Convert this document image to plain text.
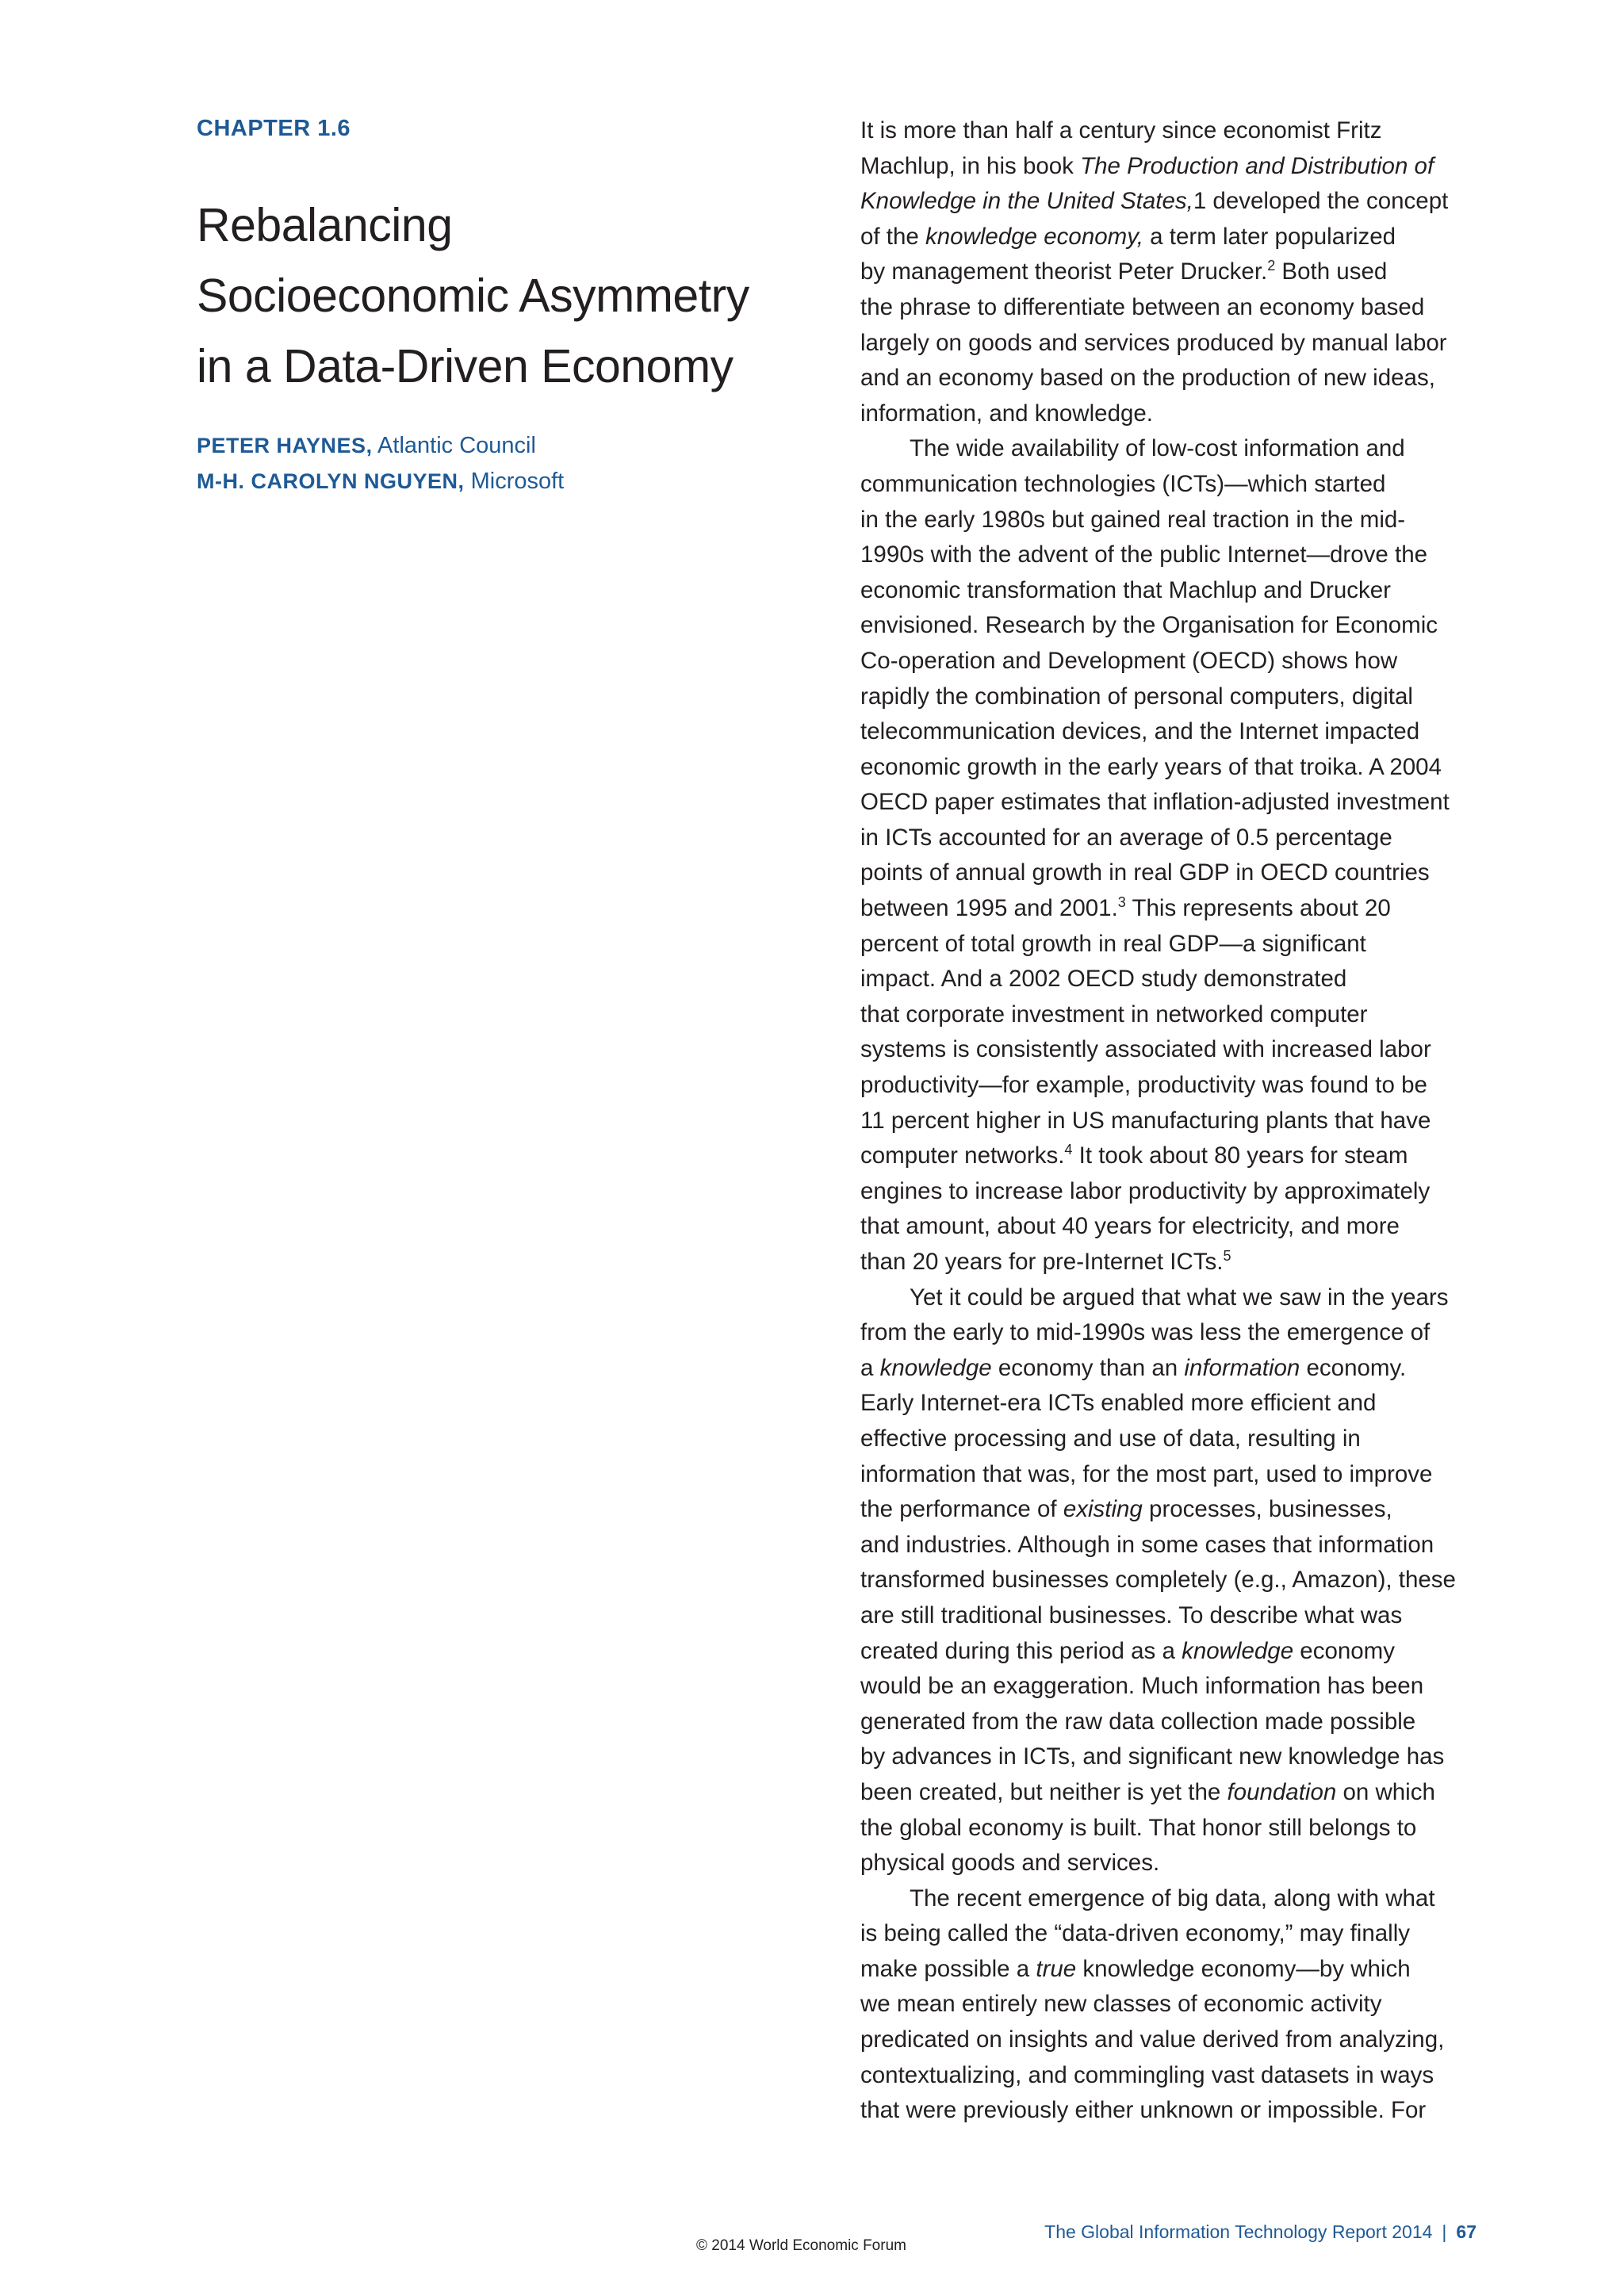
CHAPTER 1.6
Rebalancing
Socioeconomic Asymmetry
in a Data-Driven Economy
PETER HAYNES, Atlantic Council
M-H. CAROLYN NGUYEN, Microsoft
It is more than half a century since economist Fritz
Machlup, in his book The Production and Distribution of
Knowledge in the United States,1 developed the concept
of the knowledge economy, a term later popularized
by management theorist Peter Drucker.$^2$ Both used
the phrase to differentiate between an economy based
largely on goods and services produced by manual labor
and an economy based on the production of new ideas,
information, and knowledge.
The wide availability of low-cost information and
communication technologies (ICTs)—which started
in the early 1980s but gained real traction in the mid-
1990s with the advent of the public Internet—drove the
economic transformation that Machlup and Drucker
envisioned. Research by the Organisation for Economic
Co-operation and Development (OECD) shows how
rapidly the combination of personal computers, digital
telecommunication devices, and the Internet impacted
economic growth in the early years of that troika. A 2004
OECD paper estimates that inflation-adjusted investment
in ICTs accounted for an average of 0.5 percentage
points of annual growth in real GDP in OECD countries
between 1995 and 2001.$^3$ This represents about 20
percent of total growth in real GDP—a significant
impact. And a 2002 OECD study demonstrated
that corporate investment in networked computer
systems is consistently associated with increased labor
productivity—for example, productivity was found to be
11 percent higher in US manufacturing plants that have
computer networks.$^4$ It took about 80 years for steam
engines to increase labor productivity by approximately
that amount, about 40 years for electricity, and more
than 20 years for pre-Internet ICTs.$^5$
Yet it could be argued that what we saw in the years
from the early to mid-1990s was less the emergence of
a knowledge economy than an information economy.
Early Internet-era ICTs enabled more efficient and
effective processing and use of data, resulting in
information that was, for the most part, used to improve
the performance of existing processes, businesses,
and industries. Although in some cases that information
transformed businesses completely (e.g., Amazon), these
are still traditional businesses. To describe what was
created during this period as a knowledge economy
would be an exaggeration. Much information has been
generated from the raw data collection made possible
by advances in ICTs, and significant new knowledge has
been created, but neither is yet the foundation on which
the global economy is built. That honor still belongs to
physical goods and services.
The recent emergence of big data, along with what
is being called the “data-driven economy,” may finally
make possible a true knowledge economy—by which
we mean entirely new classes of economic activity
predicated on insights and value derived from analyzing,
contextualizing, and commingling vast datasets in ways
that were previously either unknown or impossible. For
The Global Information Technology Report 2014 | 67
© 2014 World Economic Forum
